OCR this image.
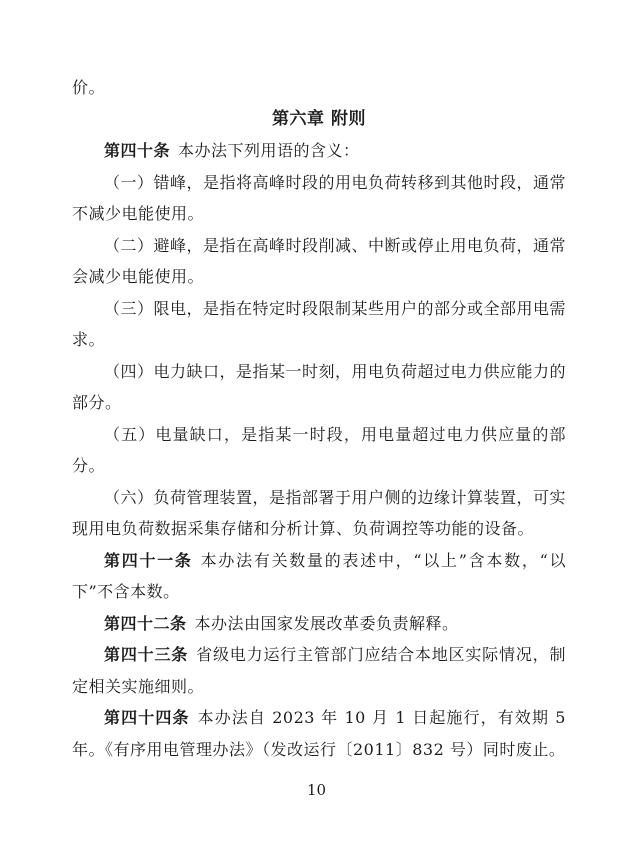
价。

第六章 附则

第四十条 本办法下列用语的含义：

（一）错峰，是指将高峰时段的用电负荷转移到其他时段，通常不减少电能使用。

（二）避峰，是指在高峰时段削减、中断或停止用电负荷，通常会减少电能使用。

（三）限电，是指在特定时段限制某些用户的部分或全部用电需求。

（四）电力缺口，是指某一时刻，用电负荷超过电力供应能力的部分。

（五）电量缺口，是指某一时段，用电量超过电力供应量的部分。

（六）负荷管理装置，是指部署于用户侧的边缘计算装置，可实现用电负荷数据采集存储和分析计算、负荷调控等功能的设备。

第四十一条 本办法有关数量的表述中，“以上”含本数，“以下”不含本数。

第四十二条 本办法由国家发展改革委负责解释。

第四十三条 省级电力运行主管部门应结合本地区实际情况，制定相关实施细则。

第四十四条 本办法自 2023 年 10 月 1 日起施行，有效期 5 年。《有序用电管理办法》（发改运行〔2011〕832 号）同时废止。

10
